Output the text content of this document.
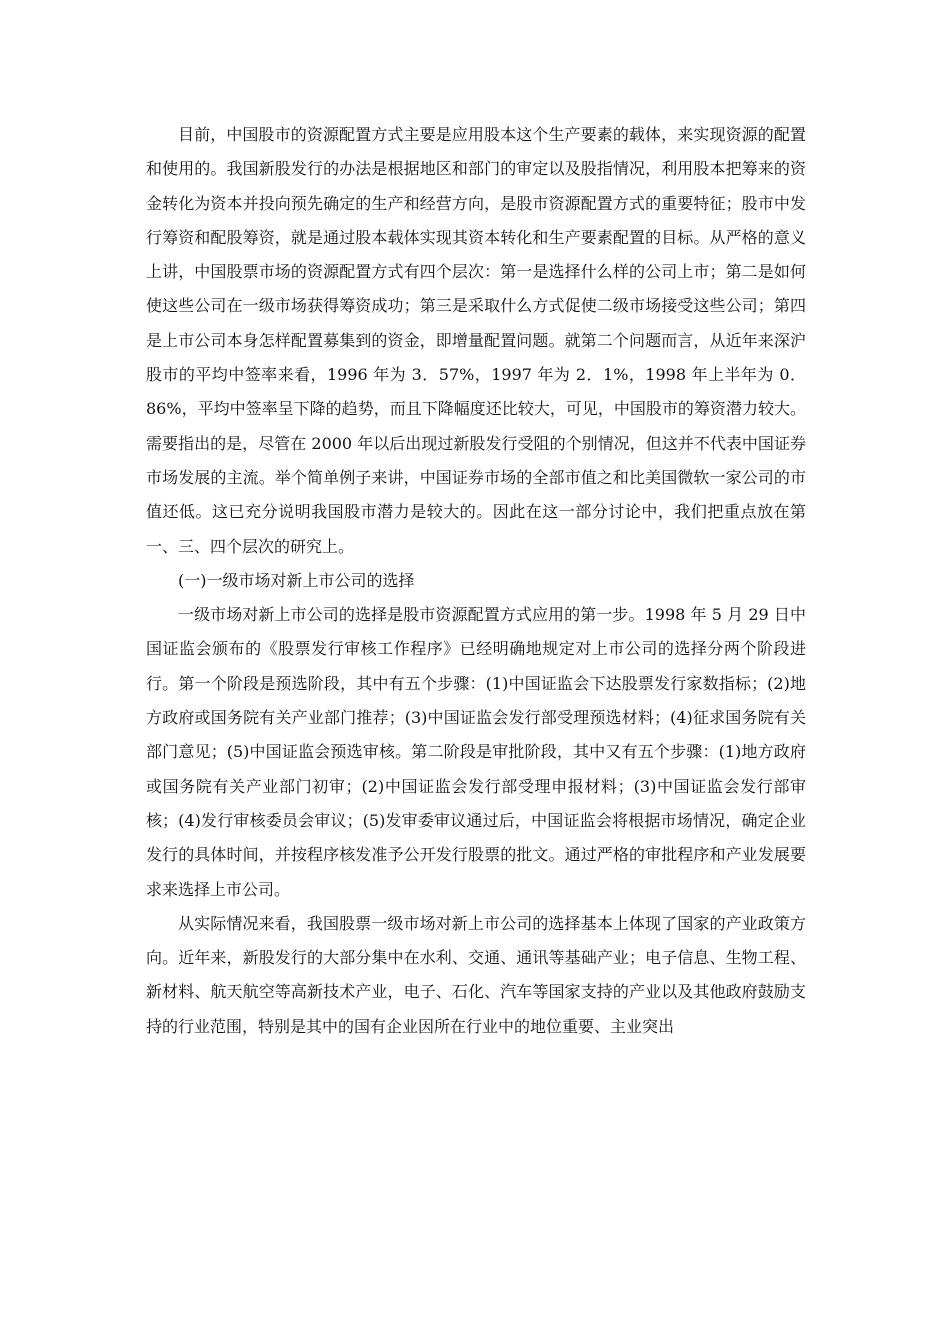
目前，中国股市的资源配置方式主要是应用股本这个生产要素的载体，来实现资源的配置和使用的。我国新股发行的办法是根据地区和部门的审定以及股指情况，利用股本把筹来的资金转化为资本并投向预先确定的生产和经营方向，是股市资源配置方式的重要特征；股市中发行筹资和配股筹资，就是通过股本载体实现其资本转化和生产要素配置的目标。从严格的意义上讲，中国股票市场的资源配置方式有四个层次：第一是选择什么样的公司上市；第二是如何使这些公司在一级市场获得筹资成功；第三是采取什么方式促使二级市场接受这些公司；第四是上市公司本身怎样配置募集到的资金，即增量配置问题。就第二个问题而言，从近年来深沪股市的平均中签率来看，1996 年为 3．57%，1997 年为 2．1%，1998 年上半年为 0．86%，平均中签率呈下降的趋势，而且下降幅度还比较大，可见，中国股市的筹资潜力较大。需要指出的是，尽管在 2000 年以后出现过新股发行受阻的个别情况，但这并不代表中国证券市场发展的主流。举个简单例子来讲，中国证券市场的全部市值之和比美国微软一家公司的市值还低。这已充分说明我国股市潜力是较大的。因此在这一部分讨论中，我们把重点放在第一、三、四个层次的研究上。

(一)一级市场对新上市公司的选择

一级市场对新上市公司的选择是股市资源配置方式应用的第一步。1998 年 5 月 29 日中国证监会颁布的《股票发行审核工作程序》已经明确地规定对上市公司的选择分两个阶段进行。第一个阶段是预选阶段，其中有五个步骤：(1)中国证监会下达股票发行家数指标；(2)地方政府或国务院有关产业部门推荐；(3)中国证监会发行部受理预选材料；(4)征求国务院有关部门意见；(5)中国证监会预选审核。第二阶段是审批阶段，其中又有五个步骤：(1)地方政府或国务院有关产业部门初审；(2)中国证监会发行部受理申报材料；(3)中国证监会发行部审核；(4)发行审核委员会审议；(5)发审委审议通过后，中国证监会将根据市场情况，确定企业发行的具体时间，并按程序核发准予公开发行股票的批文。通过严格的审批程序和产业发展要求来选择上市公司。

从实际情况来看，我国股票一级市场对新上市公司的选择基本上体现了国家的产业政策方向。近年来，新股发行的大部分集中在水利、交通、通讯等基础产业；电子信息、生物工程、新材料、航天航空等高新技术产业，电子、石化、汽车等国家支持的产业以及其他政府鼓励支持的行业范围，特别是其中的国有企业因所在行业中的地位重要、主业突出
